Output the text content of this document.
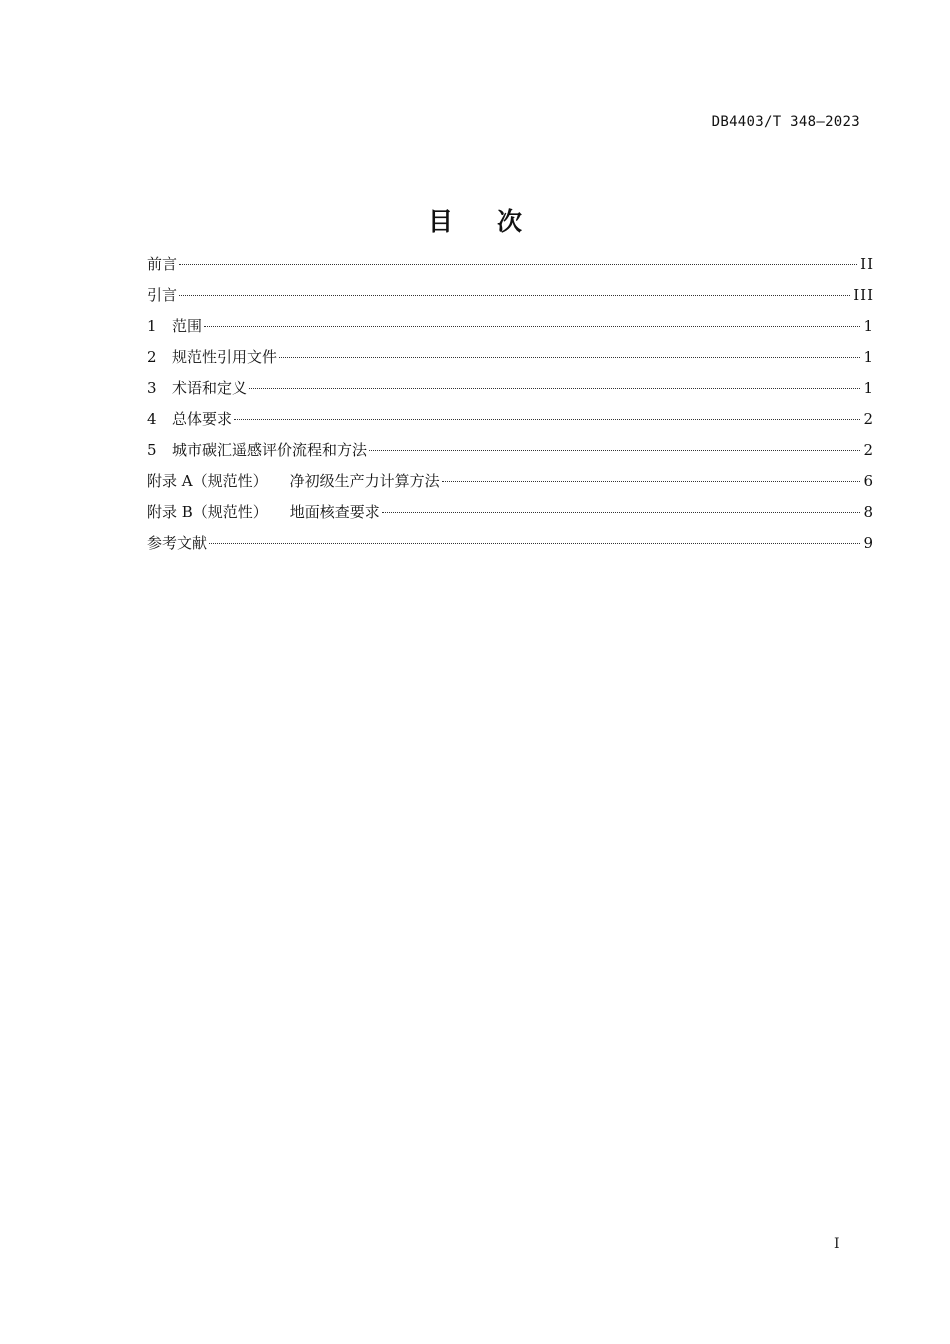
DB4403/T 348—2023
目次
前言	II
引言	III
1	范围	1
2	规范性引用文件	1
3	术语和定义	1
4	总体要求	2
5	城市碳汇遥感评价流程和方法	2
附录 A（规范性） 净初级生产力计算方法	6
附录 B（规范性） 地面核查要求	8
参考文献	9
I
